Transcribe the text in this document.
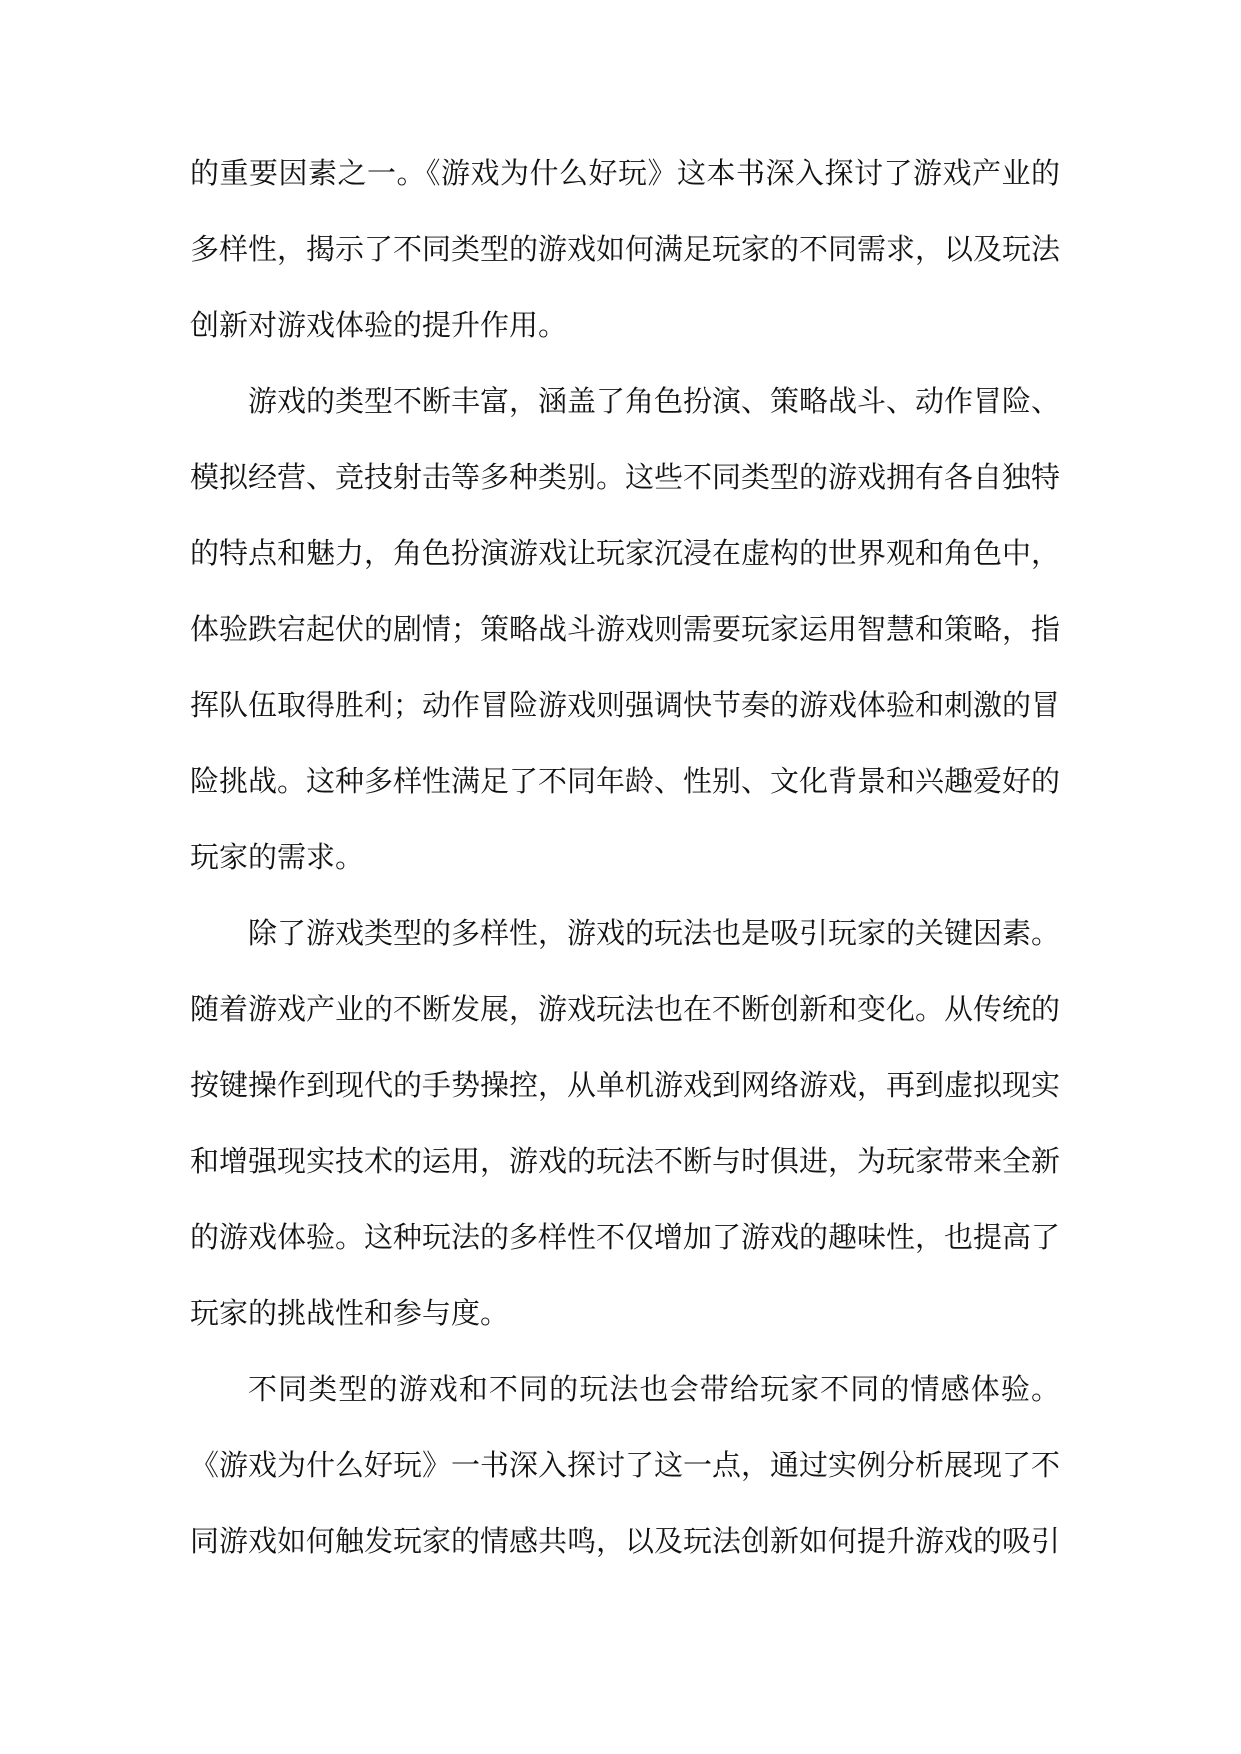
的重要因素之一。《游戏为什么好玩》这本书深入探讨了游戏产业的
多样性，揭示了不同类型的游戏如何满足玩家的不同需求，以及玩法
创新对游戏体验的提升作用。
游戏的类型不断丰富，涵盖了角色扮演、策略战斗、动作冒险、
模拟经营、竞技射击等多种类别。这些不同类型的游戏拥有各自独特
的特点和魅力，角色扮演游戏让玩家沉浸在虚构的世界观和角色中，
体验跌宕起伏的剧情；策略战斗游戏则需要玩家运用智慧和策略，指
挥队伍取得胜利；动作冒险游戏则强调快节奏的游戏体验和刺激的冒
险挑战。这种多样性满足了不同年龄、性别、文化背景和兴趣爱好的
玩家的需求。
除了游戏类型的多样性，游戏的玩法也是吸引玩家的关键因素。
随着游戏产业的不断发展，游戏玩法也在不断创新和变化。从传统的
按键操作到现代的手势操控，从单机游戏到网络游戏，再到虚拟现实
和增强现实技术的运用，游戏的玩法不断与时俱进，为玩家带来全新
的游戏体验。这种玩法的多样性不仅增加了游戏的趣味性，也提高了
玩家的挑战性和参与度。
不同类型的游戏和不同的玩法也会带给玩家不同的情感体验。
《游戏为什么好玩》一书深入探讨了这一点，通过实例分析展现了不
同游戏如何触发玩家的情感共鸣，以及玩法创新如何提升游戏的吸引
